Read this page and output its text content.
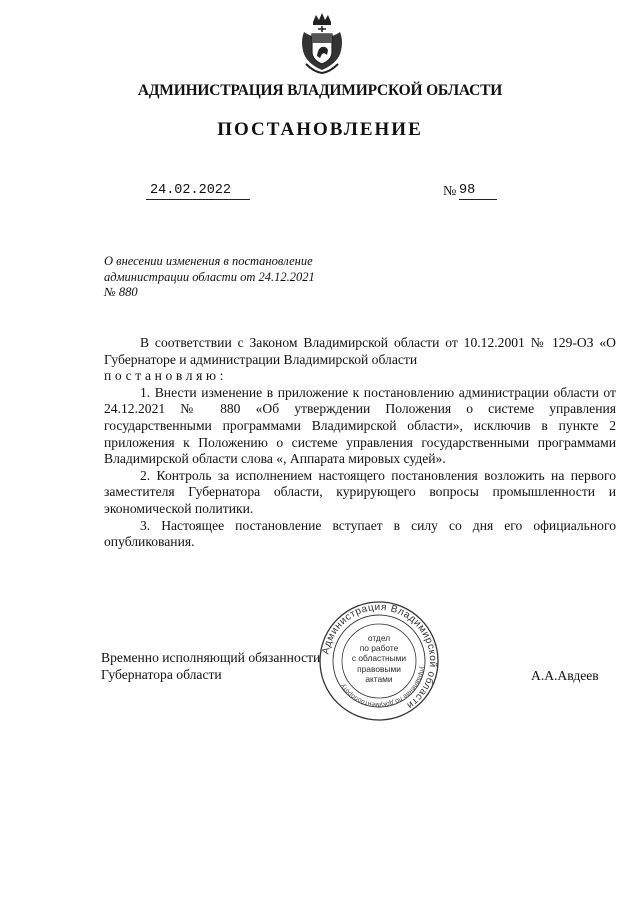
АДМИНИСТРАЦИЯ ВЛАДИМИРСКОЙ ОБЛАСТИ
ПОСТАНОВЛЕНИЕ
24.02.2022	№ 98
О внесении изменения в постановление
администрации области от 24.12.2021
№ 880

В соответствии с Законом Владимирской области от 10.12.2001 № 129-ОЗ «О Губернаторе и администрации Владимирской области

постановляю:

1. Внести изменение в приложение к постановлению администрации области от 24.12.2021 № 880 «Об утверждении Положения о системе управления государственными программами Владимирской области», исключив в пункте 2 приложения к Положению о системе управления государственными программами Владимирской области слова «, Аппарата мировых судей».

2. Контроль за исполнением настоящего постановления возложить на первого заместителя Губернатора области, курирующего вопросы промышленности и экономической политики.

3. Настоящее постановление вступает в силу со дня его официального опубликования.

Временно исполняющий обязанности
Губернатора области	А.А.Авдеев
Администрация Владимирской области
управление по документообороту
отдел
по работе
с областными
правовыми
актами
